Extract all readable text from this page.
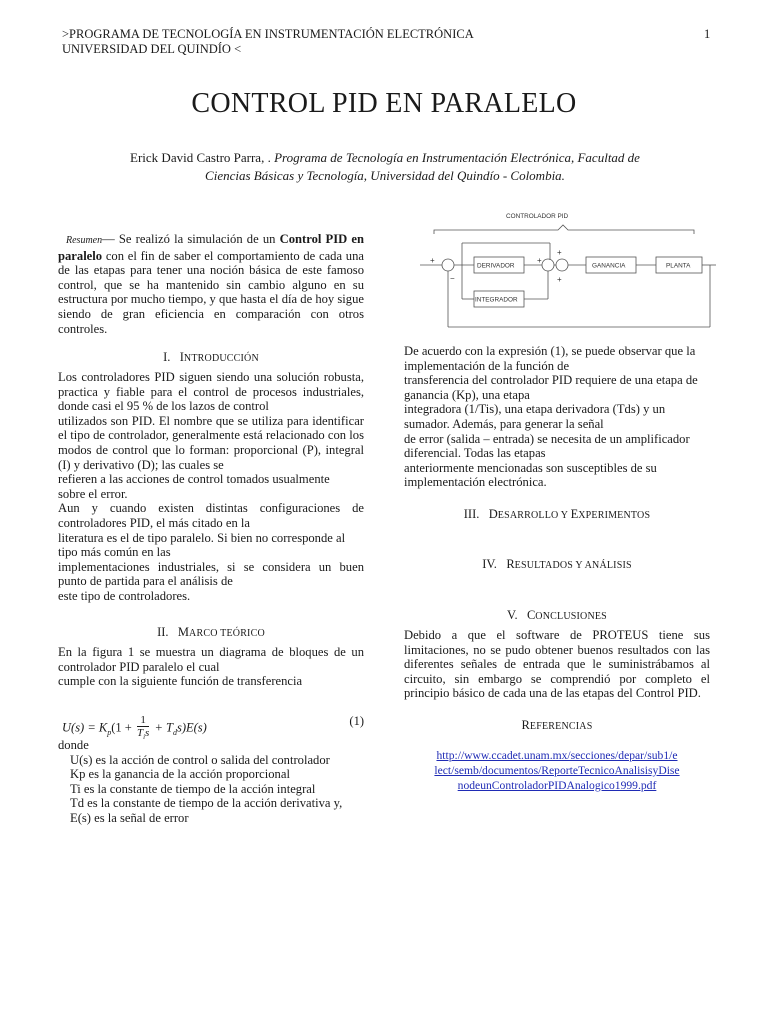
>PROGRAMA DE TECNOLOGÍA EN INSTRUMENTACIÓN ELECTRÓNICA
UNIVERSIDAD DEL QUINDÍO <
1
CONTROL PID EN PARALELO
Erick David Castro Parra, . Programa de Tecnología en Instrumentación Electrónica, Facultad de
Ciencias Básicas y Tecnología, Universidad del Quindío - Colombia.
Resumen— Se realizó la simulación de un Control PID en paralelo con el fin de saber el comportamiento de cada una de las etapas para tener una noción básica de este famoso control, que se ha mantenido sin cambio alguno en su estructura por mucho tiempo, y que hasta el día de hoy sigue siendo de gran eficiencia en comparación con otros controles.
I. INTRODUCCIÓN
Los controladores PID siguen siendo una solución robusta, practica y fiable para el control de procesos industriales, donde casi el 95 % de los lazos de control
utilizados son PID. El nombre que se utiliza para identificar el tipo de controlador, generalmente está relacionado con los modos de control que lo forman: proporcional (P), integral (I) y derivativo (D); las cuales se
refieren a las acciones de control tomados usualmente
sobre el error.
Aun y cuando existen distintas configuraciones de controladores PID, el más citado en la
literatura es el de tipo paralelo. Si bien no corresponde al tipo más común en las
implementaciones industriales, si se considera un buen punto de partida para el análisis de
este tipo de controladores.
II. MARCO TEÓRICO
En la figura 1 se muestra un diagrama de bloques de un controlador PID paralelo el cual
cumple con la siguiente función de transferencia
$U(s) = K_p(1$ +
1
$T_is + T_ds)E(s)$	(1)
donde
U(s) es la acción de control o salida del controlador
Kp es la ganancia de la acción proporcional
Ti es la constante de tiempo de la acción integral
Td es la constante de tiempo de la acción derivativa y,
E(s) es la señal de error
CONTROLADOR PID
DERIVADOR
INTEGRADOR
GANANCIA	PLANTA
+
−
+
+
+
De acuerdo con la expresión (1), se puede observar que la
implementación de la función de
transferencia del controlador PID requiere de una etapa de
ganancia (Kp), una etapa
integradora (1/Tis), una etapa derivadora (Tds) y un
sumador. Además, para generar la señal
de error (salida – entrada) se necesita de un amplificador
diferencial. Todas las etapas
anteriormente mencionadas son susceptibles de su
implementación electrónica.
III. DESARROLLO Y EXPERIMENTOS
IV. RESULTADOS Y ANÁLISIS
V. CONCLUSIONES
Debido a que el software de PROTEUS tiene sus limitaciones, no se pudo obtener buenos resultados con las diferentes señales de entrada que le suministrábamos al circuito, sin embargo se comprendió por completo el principio básico de cada una de las etapas del Control PID.
REFERENCIAS
http://www.ccadet.unam.mx/secciones/depar/sub1/e
lect/semb/documentos/ReporteTecnicoAnalisisyDise
nodeunControladorPIDAnalogico1999.pdf
